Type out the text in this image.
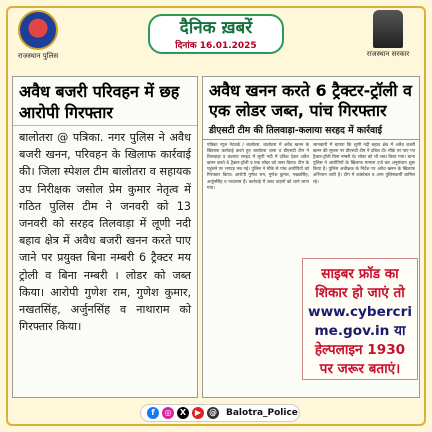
राजस्थान पुलिस
दैनिक ख़बरें
दिनांक 16.01.2025
राजस्थान सरकार
अवैध बजरी परिवहन में छह आरोपी गिरफ्तार
बालोतरा @ पत्रिका. नगर पुलिस ने अवैध बजरी खनन, परिवहन के खिलाफ कार्रवाई की। जिला स्पेशल टीम बालोतरा व सहायक उप निरीक्षक जसोल प्रेम कुमार नेतृत्व में गठित पुलिस टीम ने जनवरी को 13 जनवरी को सरहद तिलवाड़ा में लूणी नदी बहाव क्षेत्र में अवैध बजरी खनन करते पाए जाने पर प्रयुक्त बिना नम्बरी 6 ट्रैक्टर मय ट्रोली व बिना नम्बरी । लोडर को जब्त किया। आरोपी गुणेश राम, गुणेश कुमार, नखतसिंह, अर्जुनसिंह व नाथाराम को गिरफ्तार किया।
अवैध खनन करते 6 ट्रैक्टर-ट्रॉली व एक लोडर जब्त, पांच गिरफ्तार
डीएसटी टीम की तिलवाड़ा-कलाया सरहद में कार्रवाई
पत्रिका न्यूज नेटवर्क / बालोतरा. बालोतरा में अवैध खनन के खिलाफ कार्रवाई करते हुए बालोतरा थाना व डीएसटी टीम ने तिलवाड़ा व कलाया सरहद में लूणी नदी में दबिश देकर अवैध खनन करते 6 ट्रैक्टर-ट्रॉली व एक लोडर को जब्त किया। टीम के पहुंचने पर भगदड़ मच गई। पुलिस ने मौके से पांच आरोपियों को गिरफ्तार किया। आरोपी गुणेश राम, गुणेश कुमार, नखतसिंह, अर्जुनसिंह व नाथाराम हैं। कार्रवाई में जब्त वाहनों को थाने लाया गया।
जानकारी में बताया कि लूणी नदी बहाव क्षेत्र में अवैध बजरी खनन की सूचना पर डीएसटी टीम ने दबिश दी। मौके पर पाए गए ट्रैक्टर-ट्रॉली बिना नम्बरी थे। लोडर को भी जब्त किया गया। थाना पुलिस ने आरोपियों के खिलाफ मामला दर्ज कर अनुसंधान शुरू किया है। पुलिस अधीक्षक के निर्देश पर अवैध खनन के खिलाफ अभियान जारी है। टीम में कांस्टेबल व अन्य पुलिसकर्मी शामिल रहे।
साइबर फ्रॉड का
शिकार हो जाएं तो
www.cybercri
me.gov.in या
हेल्पलाइन 1930
पर जरूर बताएं।
f	◎	X	▶ @ Balotra_Police
